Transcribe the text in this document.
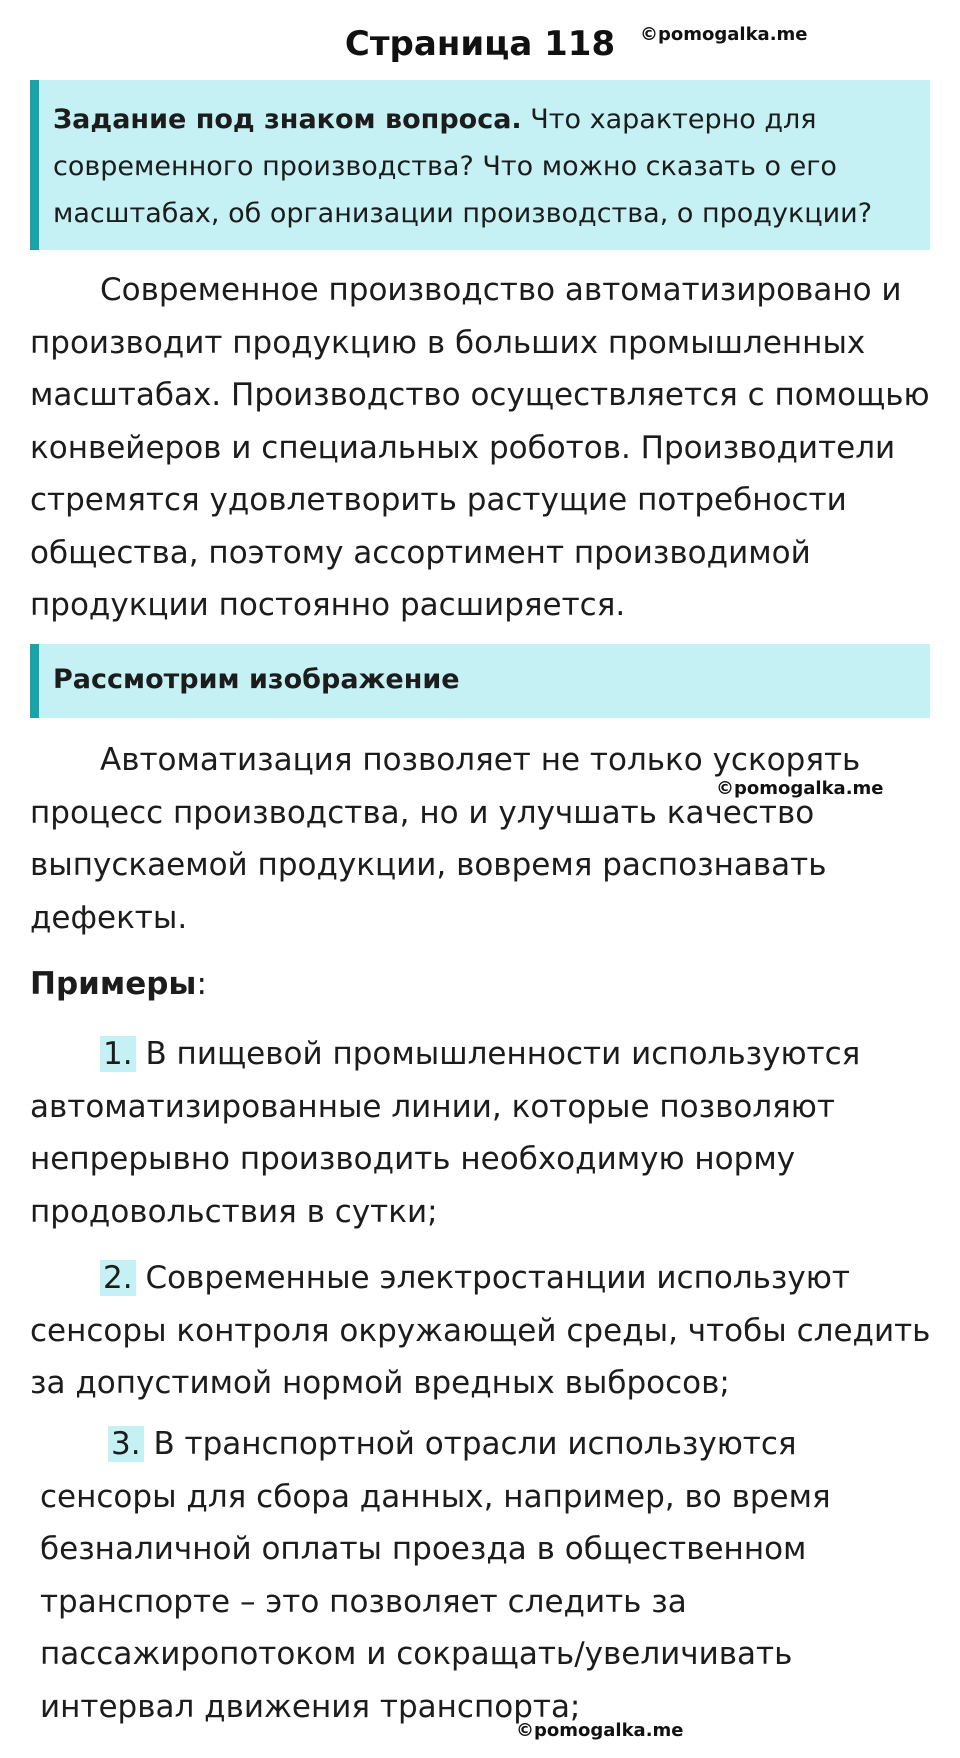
Страница 118	©pomogalka.me
Задание под знаком вопроса. Что характерно для современного производства? Что можно сказать о его масштабах, об организации производства, о продукции?

Современное производство автоматизировано и производит продукцию в больших промышленных масштабах. Производство осуществляется с помощью конвейеров и специальных роботов. Производители стремятся удовлетворить растущие потребности общества, поэтому ассортимент производимой продукции постоянно расширяется.

Рассмотрим изображение

Автоматизация позволяет не только ускорять процесс производства, но и улучшать качество выпускаемой продукции, вовремя распознавать дефекты.

©pomogalka.me

Примеры:

1. В пищевой промышленности используются автоматизированные линии, которые позволяют непрерывно производить необходимую норму продовольствия в сутки;

2. Современные электростанции используют сенсоры контроля окружающей среды, чтобы следить за допустимой нормой вредных выбросов;

3. В транспортной отрасли используются сенсоры для сбора данных, например, во время безналичной оплаты проезда в общественном транспорте – это позволяет следить за пассажиропотоком и сокращать/увеличивать интервал движения транспорта;

©pomogalka.me
